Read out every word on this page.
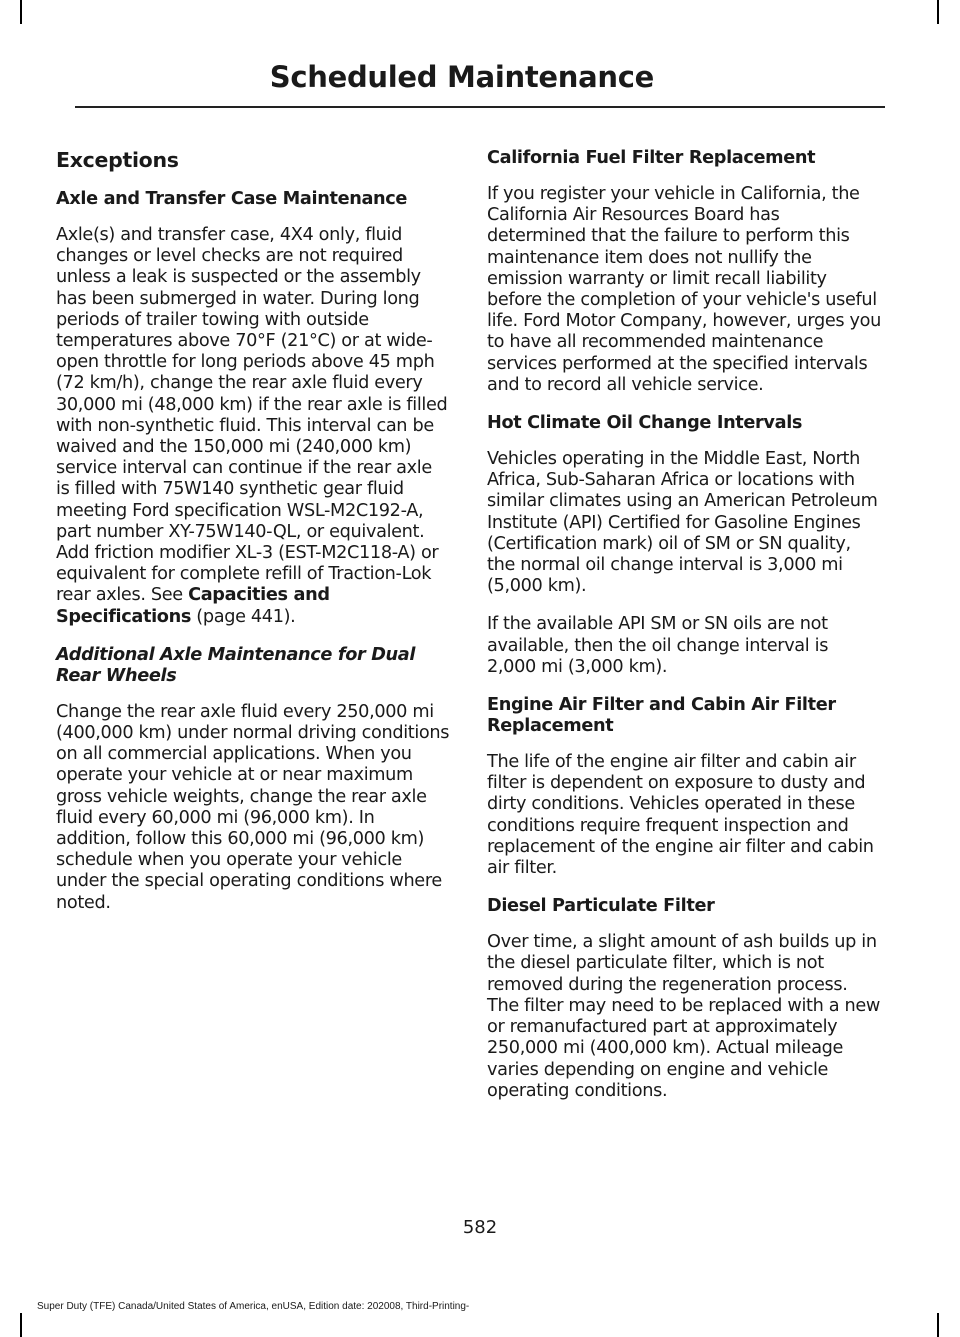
Scheduled Maintenance
Exceptions
Axle and Transfer Case Maintenance

Axle(s) and transfer case, 4X4 only, fluid changes or level checks are not required unless a leak is suspected or the assembly has been submerged in water. During long periods of trailer towing with outside temperatures above 70°F (21°C) or at wide-open throttle for long periods above 45 mph (72 km/h), change the rear axle fluid every 30,000 mi (48,000 km) if the rear axle is filled with non-synthetic fluid. This interval can be waived and the 150,000 mi (240,000 km) service interval can continue if the rear axle is filled with 75W140 synthetic gear fluid meeting Ford specification WSL-M2C192-A, part number XY-75W140-QL, or equivalent. Add friction modifier XL-3 (EST-M2C118-A) or equivalent for complete refill of Traction-Lok rear axles. See Capacities and Specifications (page 441).

Additional Axle Maintenance for Dual Rear Wheels

Change the rear axle fluid every 250,000 mi (400,000 km) under normal driving conditions on all commercial applications. When you operate your vehicle at or near maximum gross vehicle weights, change the rear axle fluid every 60,000 mi (96,000 km). In addition, follow this 60,000 mi (96,000 km) schedule when you operate your vehicle under the special operating conditions where noted.

California Fuel Filter Replacement

If you register your vehicle in California, the California Air Resources Board has determined that the failure to perform this maintenance item does not nullify the emission warranty or limit recall liability before the completion of your vehicle's useful life. Ford Motor Company, however, urges you to have all recommended maintenance services performed at the specified intervals and to record all vehicle service.

Hot Climate Oil Change Intervals

Vehicles operating in the Middle East, North Africa, Sub-Saharan Africa or locations with similar climates using an American Petroleum Institute (API) Certified for Gasoline Engines (Certification mark) oil of SM or SN quality, the normal oil change interval is 3,000 mi (5,000 km).

If the available API SM or SN oils are not available, then the oil change interval is 2,000 mi (3,000 km).

Engine Air Filter and Cabin Air Filter Replacement

The life of the engine air filter and cabin air filter is dependent on exposure to dusty and dirty conditions. Vehicles operated in these conditions require frequent inspection and replacement of the engine air filter and cabin air filter.

Diesel Particulate Filter

Over time, a slight amount of ash builds up in the diesel particulate filter, which is not removed during the regeneration process. The filter may need to be replaced with a new or remanufactured part at approximately 250,000 mi (400,000 km). Actual mileage varies depending on engine and vehicle operating conditions.

582

Super Duty (TFE) Canada/United States of America, enUSA, Edition date: 202008, Third-Printing-
